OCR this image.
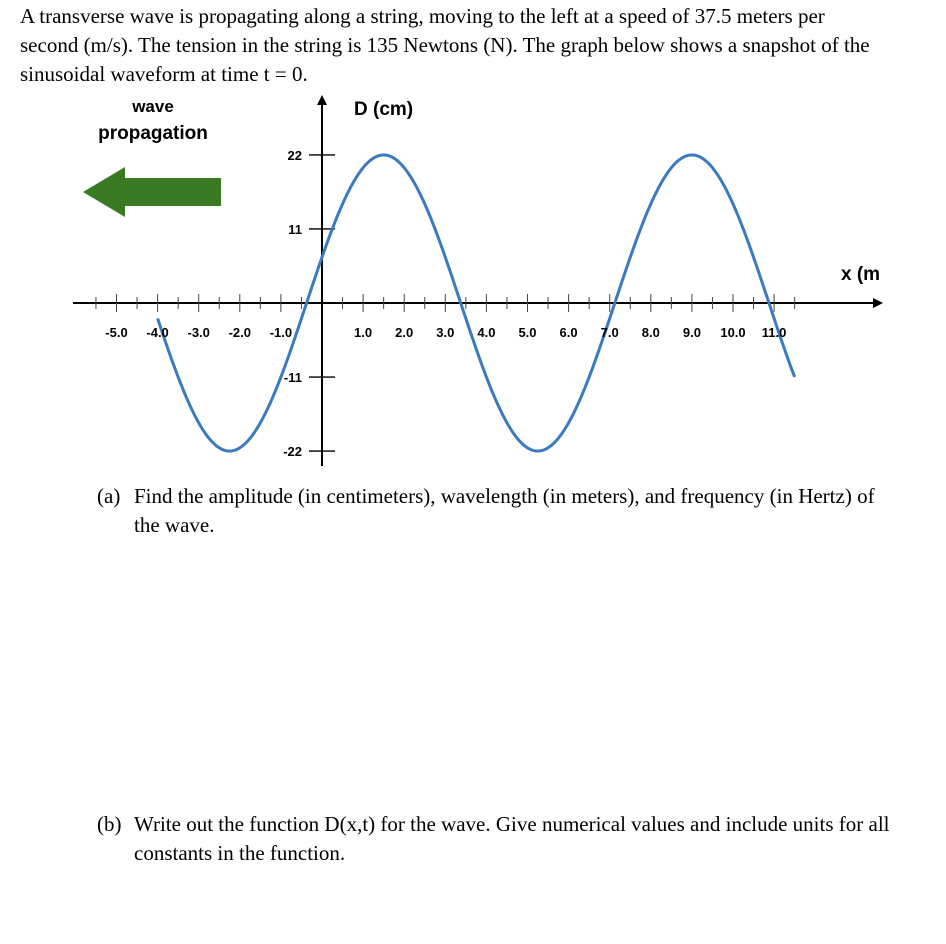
A transverse wave is propagating along a string, moving to the left at a speed of 37.5 meters per second (m/s). The tension in the string is 135 Newtons (N). The graph below shows a snapshot of the sinusoidal waveform at time t = 0.

wave
propagation
D (cm)
x (m
-5.0 -4.0 -3.0 -2.0 -1.0	1.0 2.0 3.0 4.0 5.0 6.0 7.0 8.0 9.0 10.0 11.0
22
11
-11
-22
(a) Find the amplitude (in centimeters), wavelength (in meters), and frequency (in Hertz) of the wave.
(b) Write out the function D(x,t) for the wave. Give numerical values and include units for all constants in the function.
